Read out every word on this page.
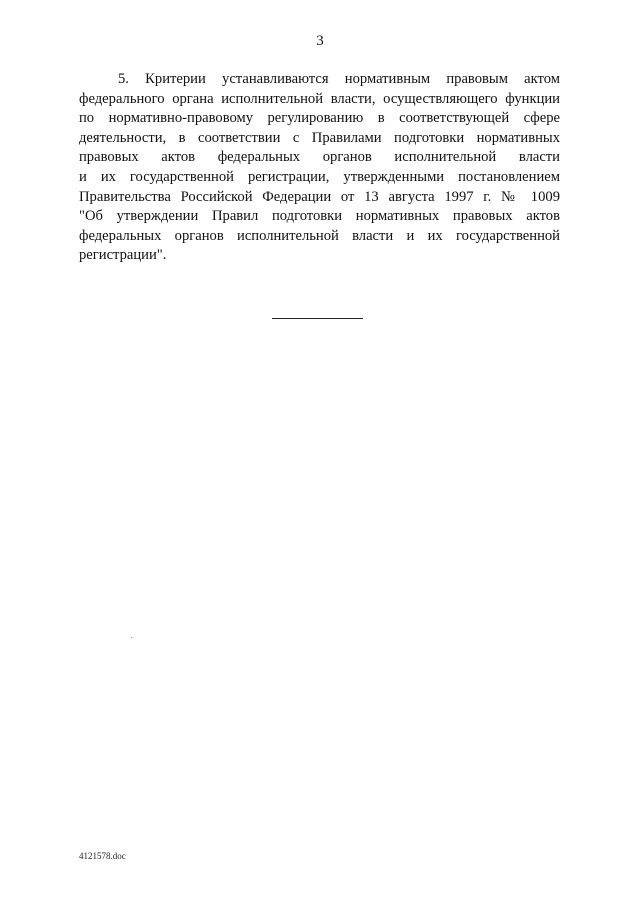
3
5. Критерии устанавливаются нормативным правовым актом
федерального органа исполнительной власти, осуществляющего функции
по нормативно-правовому регулированию в соответствующей сфере
деятельности, в соответствии с Правилами подготовки нормативных
правовых актов федеральных органов исполнительной власти
и их государственной регистрации, утвержденными постановлением
Правительства Российской Федерации от 13 августа 1997 г. № 1009
"Об утверждении Правил подготовки нормативных правовых актов
федеральных органов исполнительной власти и их государственной
регистрации".
4121578.doc
